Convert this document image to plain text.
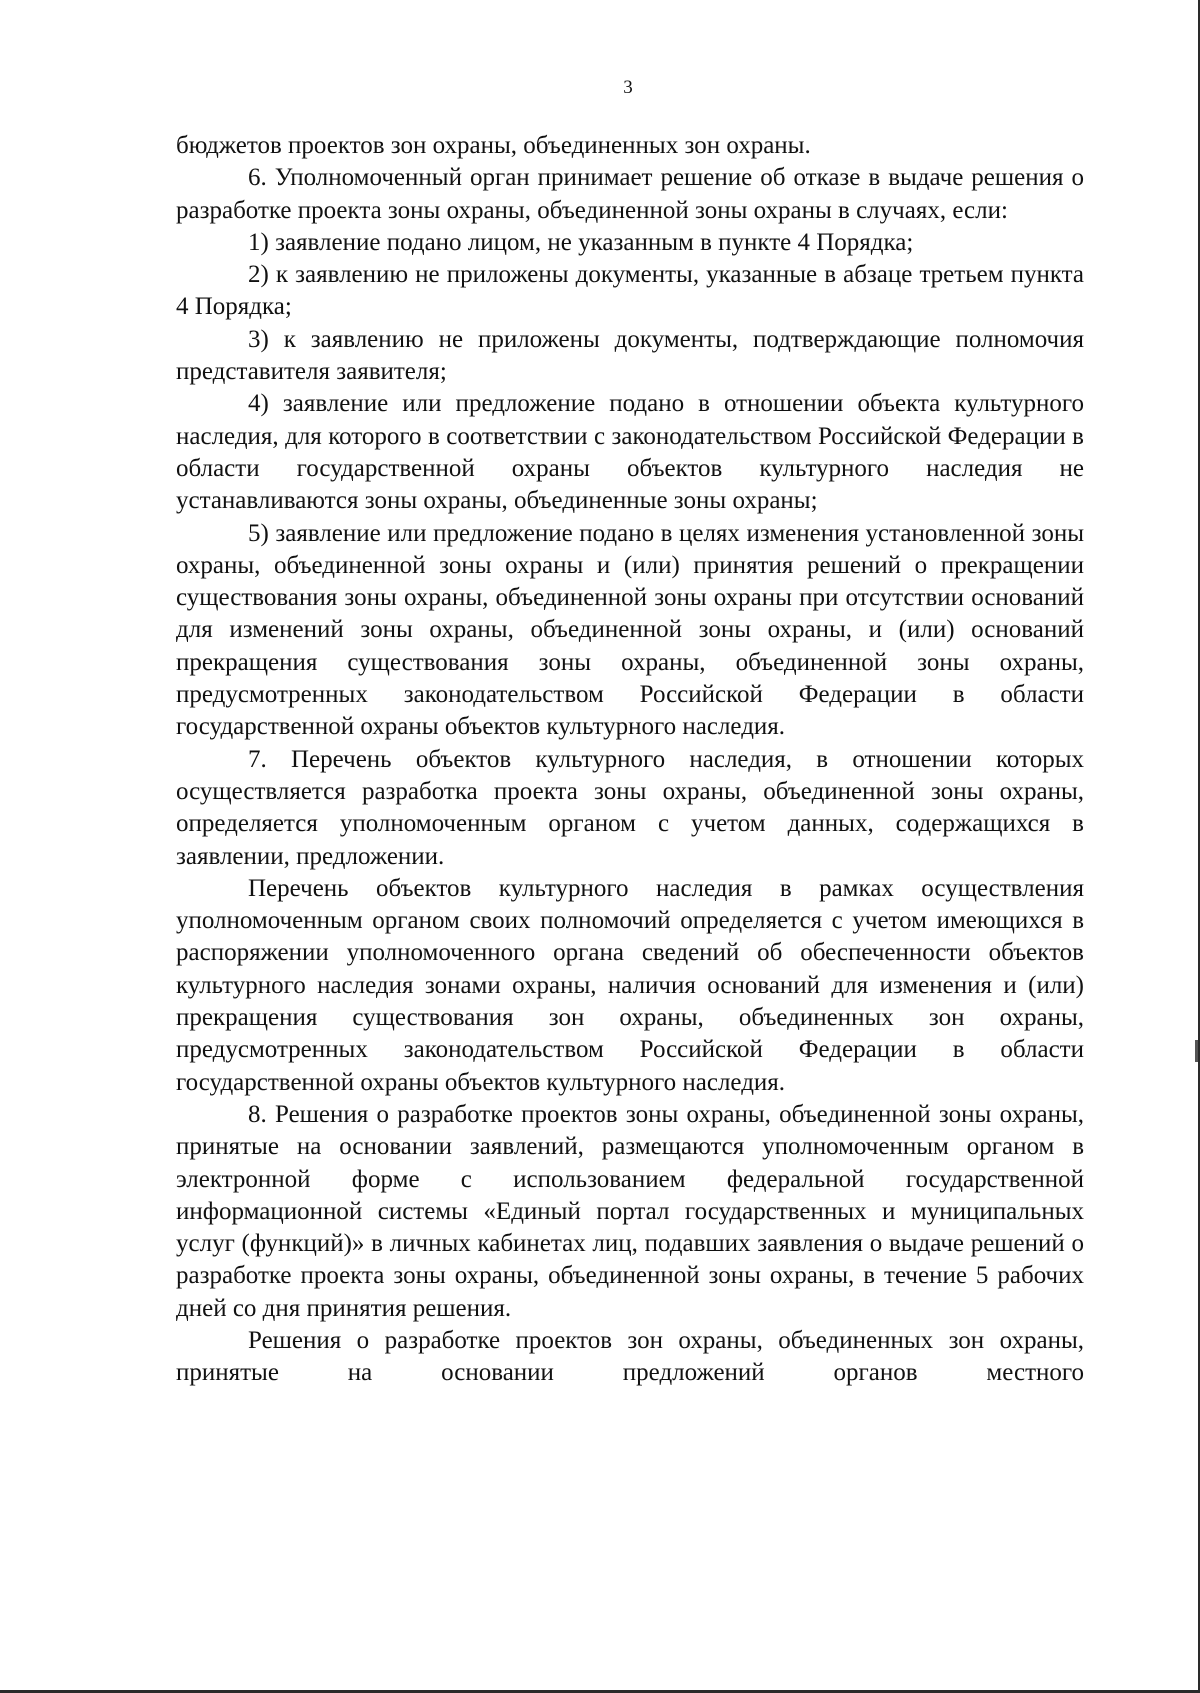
3

бюджетов проектов зон охраны, объединенных зон охраны.

6. Уполномоченный орган принимает решение об отказе в выдаче решения о разработке проекта зоны охраны, объединенной зоны охраны в случаях, если:

1) заявление подано лицом, не указанным в пункте 4 Порядка;

2) к заявлению не приложены документы, указанные в абзаце третьем пункта 4 Порядка;

3) к заявлению не приложены документы, подтверждающие полномочия представителя заявителя;

4) заявление или предложение подано в отношении объекта культурного наследия, для которого в соответствии с законодательством Российской Федерации в области государственной охраны объектов культурного наследия не устанавливаются зоны охраны, объединенные зоны охраны;

5) заявление или предложение подано в целях изменения установленной зоны охраны, объединенной зоны охраны и (или) принятия решений о прекращении существования зоны охраны, объединенной зоны охраны при отсутствии оснований для изменений зоны охраны, объединенной зоны охраны, и (или) оснований прекращения существования зоны охраны, объединенной зоны охраны, предусмотренных законодательством Российской Федерации в области государственной охраны объектов культурного наследия.

7. Перечень объектов культурного наследия, в отношении которых осуществляется разработка проекта зоны охраны, объединенной зоны охраны, определяется уполномоченным органом с учетом данных, содержащихся в заявлении, предложении.

Перечень объектов культурного наследия в рамках осуществления уполномоченным органом своих полномочий определяется с учетом имеющихся в распоряжении уполномоченного органа сведений об обеспеченности объектов культурного наследия зонами охраны, наличия оснований для изменения и (или) прекращения существования зон охраны, объединенных зон охраны, предусмотренных законодательством Российской Федерации в области государственной охраны объектов культурного наследия.

8. Решения о разработке проектов зоны охраны, объединенной зоны охраны, принятые на основании заявлений, размещаются уполномоченным органом в электронной форме с использованием федеральной государственной информационной системы «Единый портал государственных и муниципальных услуг (функций)» в личных кабинетах лиц, подавших заявления о выдаче решений о разработке проекта зоны охраны, объединенной зоны охраны, в течение 5 рабочих дней со дня принятия решения.

Решения о разработке проектов зон охраны, объединенных зон охраны, принятые на основании предложений органов местного
